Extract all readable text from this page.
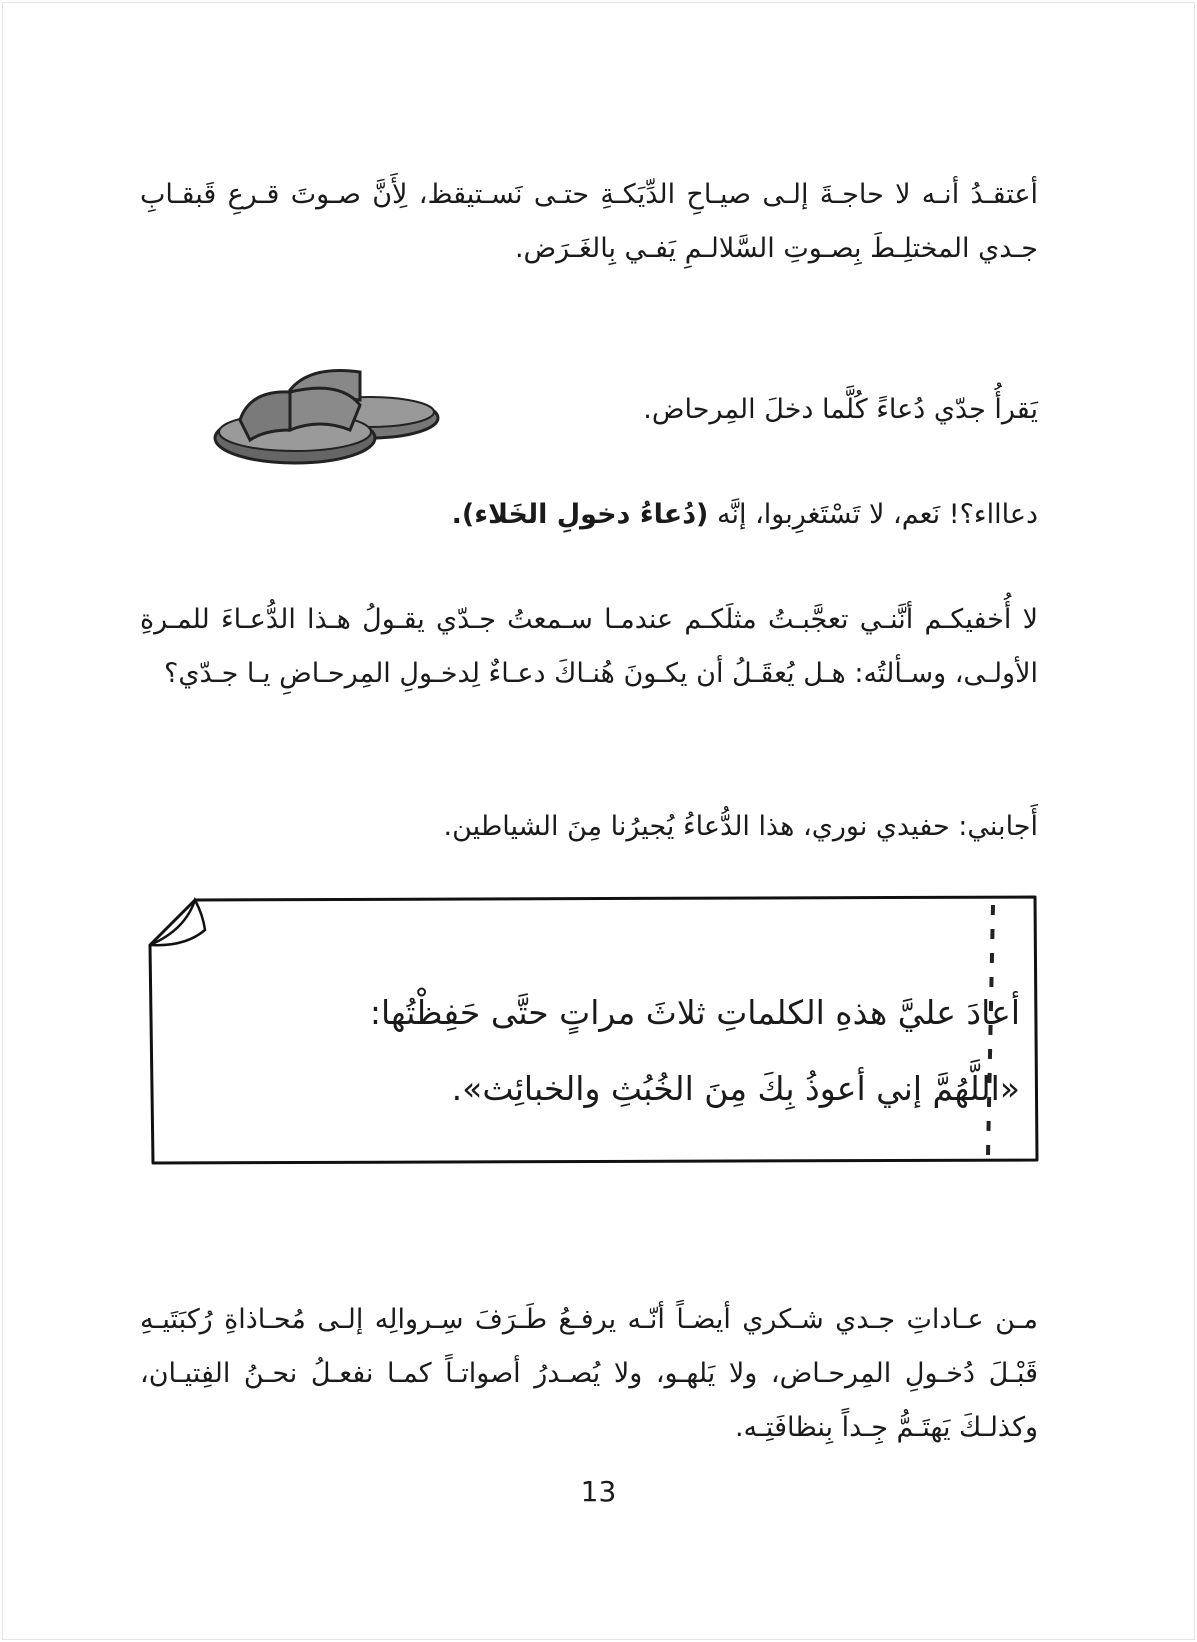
أعتقـدُ أنـه لا حاجـةَ إلـى صيـاحِ الدِّيَكـةِ حتـى نَسـتيقظ، لِأَنَّ صـوتَ قـرعِ قَبقـابِ جـدي المختلِـطَ بِصـوتِ السَّلالـمِ يَفـي بِالغَـرَض.

يَقرأُ جدّي دُعاءً كُلَّما دخلَ المِرحاض.

دعاااء؟! نَعم، لا تَسْتَغرِبوا، إنَّه (دُعاءُ دخولِ الخَلاء).

لا أُخفيكـم أنَّنـي تعجَّبـتُ مثلَكـم عندمـا سـمعتُ جـدّي يقـولُ هـذا الدُّعـاءَ للمـرةِ الأولـى، وسـألتُه: هـل يُعقَـلُ أن يكـونَ هُنـاكَ دعـاءٌ لِدخـولِ المِرحـاضِ يـا جـدّي؟

أَجابني: حفيدي نوري، هذا الدُّعاءُ يُجيرُنا مِنَ الشياطين.

أعادَ عليَّ هذهِ الكلماتِ ثلاثَ مراتٍ حتَّى حَفِظْتُها:
«اللَّهُمَّ إني أعوذُ بِكَ مِنَ الخُبُثِ والخبائِث».

مـن عـاداتِ جـدي شـكري أيضـاً أنّـه يرفـعُ طَـرَفَ سِـروالِه إلـى مُحـاذاةِ رُكبَتَيـهِ قَبْـلَ دُخـولِ المِرحـاض، ولا يَلهـو، ولا يُصـدرُ أصواتـاً كمـا نفعـلُ نحـنُ الفِتيـان، وكذلـكَ يَهتَـمُّ جِـداً بِنظافَتِـه.

13
